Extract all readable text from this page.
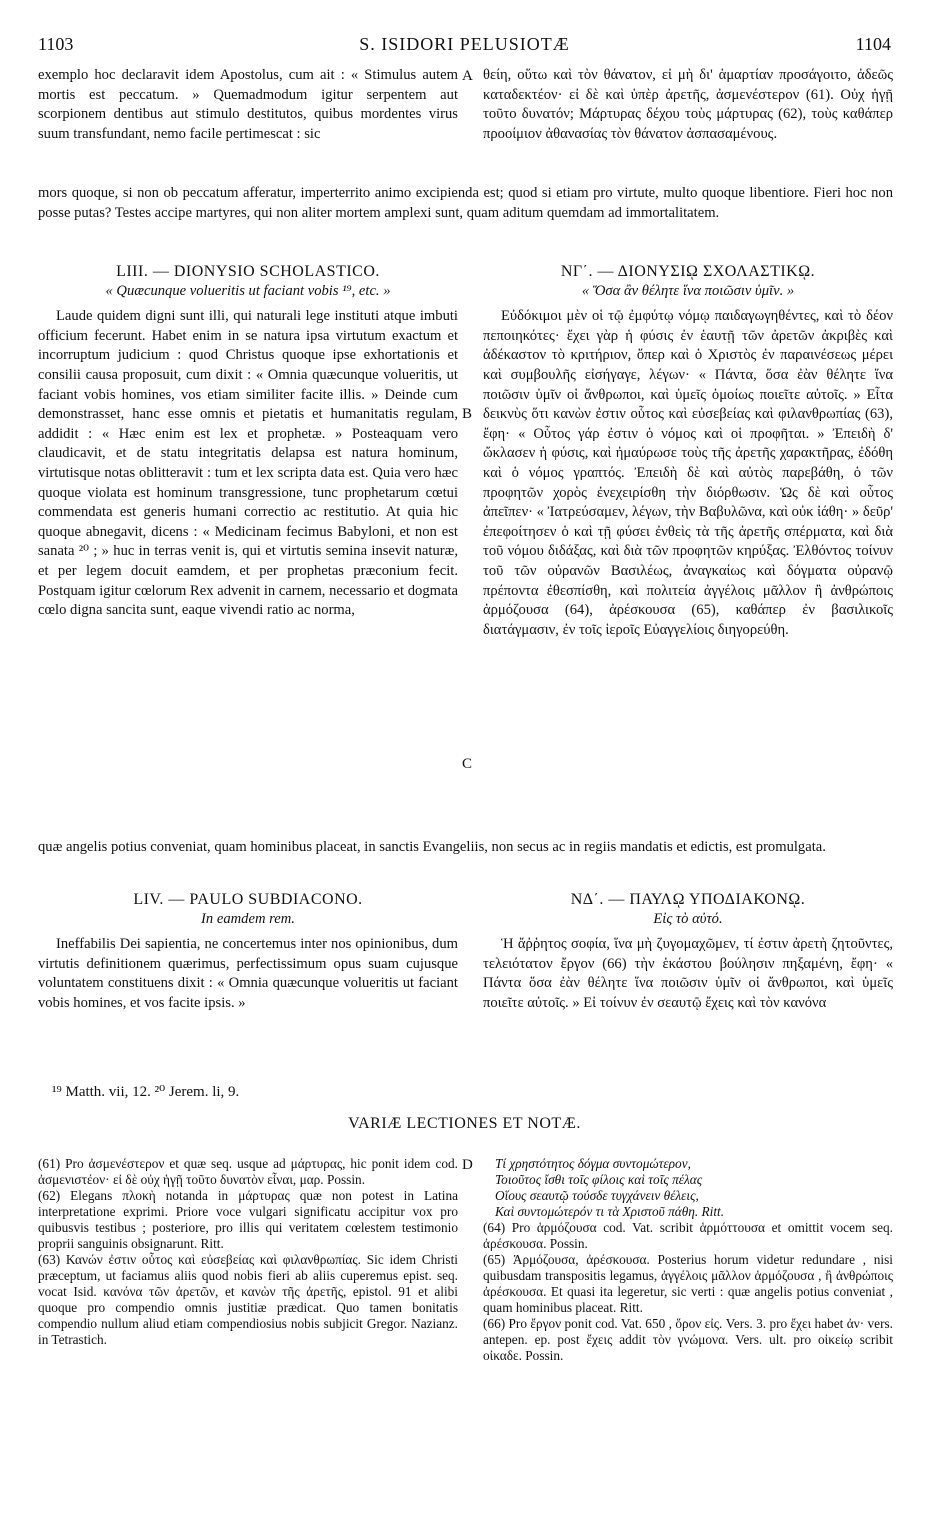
1103	S. ISIDORI PELUSIOTÆ	1104
A
B
C
D

exemplo hoc declaravit idem Apostolus, cum ait : « Stimulus autem mortis est peccatum. » Quemadmodum igitur serpentem aut scorpionem dentibus aut stimulo destitutos, quibus mordentes virus suum transfundant, nemo facile pertimescat : sic

θείη, οὕτω καὶ τὸν θάνατον, εἰ μὴ δι' ἁμαρτίαν προσάγοιτο, ἀδεῶς καταδεκτέον· εἰ δὲ καὶ ὑπὲρ ἀρετῆς, ἀσμενέστερον (61). Οὐχ ἡγῇ τοῦτο δυνατόν; Μάρτυρας δέχου τοὺς μάρτυρας (62), τοὺς καθάπερ προοίμιον ἀθανασίας τὸν θάνατον ἀσπασαμένους.

mors quoque, si non ob peccatum afferatur, imperterrito animo excipienda est; quod si etiam pro virtute, multo quoque libentiore. Fieri hoc non posse putas? Testes accipe martyres, qui non aliter mortem amplexi sunt, quam aditum quemdam ad immortalitatem.

LIII. — DIONYSIO SCHOLASTICO.
« Quæcunque volueritis ut faciant vobis ¹⁹, etc. »

Laude quidem digni sunt illi, qui naturali lege instituti atque imbuti officium fecerunt. Habet enim in se natura ipsa virtutum exactum et incorruptum judicium : quod Christus quoque ipse exhortationis et consilii causa proposuit, cum dixit : « Omnia quæcunque volueritis, ut faciant vobis homines, vos etiam similiter facite illis. » Deinde cum demonstrasset, hanc esse omnis et pietatis et humanitatis regulam, addidit : « Hæc enim est lex et prophetæ. » Posteaquam vero claudicavit, et de statu integritatis delapsa est natura hominum, virtutisque notas oblitteravit : tum et lex scripta data est. Quia vero hæc quoque violata est hominum transgressione, tunc prophetarum cœtui commendata est generis humani correctio ac restitutio. At quia hic quoque abnegavit, dicens : « Medicinam fecimus Babyloni, et non est sanata ²⁰ ; » huc in terras venit is, qui et virtutis semina insevit naturæ, et per legem docuit eamdem, et per prophetas præconium fecit. Postquam igitur cœlorum Rex advenit in carnem, necessario et dogmata cœlo digna sancita sunt, eaque vivendi ratio ac norma,

ΝΓ΄. — ΔΙΟΝΥΣΙῼ ΣΧΟΛΑΣΤΙΚῼ.
« Ὅσα ἂν θέλητε ἵνα ποιῶσιν ὑμῖν. »

Εὐδόκιμοι μὲν οἱ τῷ ἐμφύτῳ νόμῳ παιδαγωγηθέντες, καὶ τὸ δέον πεποιηκότες· ἔχει γὰρ ἡ φύσις ἐν ἑαυτῇ τῶν ἀρετῶν ἀκριβὲς καὶ ἀδέκαστον τὸ κριτήριον, ὅπερ καὶ ὁ Χριστὸς ἐν παραινέσεως μέρει καὶ συμβουλῆς εἰσήγαγε, λέγων· « Πάντα, ὅσα ἐὰν θέλητε ἵνα ποιῶσιν ὑμῖν οἱ ἄνθρωποι, καὶ ὑμεῖς ὁμοίως ποιεῖτε αὐτοῖς. » Εἶτα δεικνὺς ὅτι κανὼν ἐστιν οὗτος καὶ εὐσεβείας καὶ φιλανθρωπίας (63), ἔφη· « Οὗτος γάρ ἐστιν ὁ νόμος καὶ οἱ προφῆται. » Ἐπειδὴ δ' ὤκλασεν ἡ φύσις, καὶ ἠμαύρωσε τοὺς τῆς ἀρετῆς χαρακτῆρας, ἐδόθη καὶ ὁ νόμος γραπτός. Ἐπειδὴ δὲ καὶ αὐτὸς παρεβάθη, ὁ τῶν προφητῶν χορὸς ἐνεχειρίσθη τὴν διόρθωσιν. Ὡς δὲ καὶ οὗτος ἀπεῖπεν· « Ἰατρεύσαμεν, λέγων, τὴν Βαβυλῶνα, καὶ οὐκ ἰάθη· » δεῦρ' ἐπεφοίτησεν ὁ καὶ τῇ φύσει ἐνθεὶς τὰ τῆς ἀρετῆς σπέρματα, καὶ διὰ τοῦ νόμου διδάξας, καὶ διὰ τῶν προφητῶν κηρύξας. Ἐλθόντος τοίνυν τοῦ τῶν οὐρανῶν Βασιλέως, ἀναγκαίως καὶ δόγματα οὐρανῷ πρέποντα ἐθεσπίσθη, καὶ πολιτεία ἀγγέλοις μᾶλλον ἢ ἀνθρώποις ἁρμόζουσα (64), ἀρέσκουσα (65), καθάπερ ἐν βασιλικοῖς διατάγμασιν, ἐν τοῖς ἱεροῖς Εὐαγγελίοις διηγορεύθη.

quæ angelis potius conveniat, quam hominibus placeat, in sanctis Evangeliis, non secus ac in regiis mandatis et edictis, est promulgata.

LIV. — PAULO SUBDIACONO.
In eamdem rem.

Ineffabilis Dei sapientia, ne concertemus inter nos opinionibus, dum virtutis definitionem quærimus, perfectissimum opus suam cujusque voluntatem constituens dixit : « Omnia quæcunque volueritis ut faciant vobis homines, et vos facite ipsis. »

ΝΔ΄. — ΠΑΥΛῼ ΥΠΟΔΙΑΚΟΝῼ.
Εἰς τὸ αὐτό.

Ἡ ἄῤῥητος σοφία, ἵνα μὴ ζυγομαχῶμεν, τί ἐστιν ἀρετὴ ζητοῦντες, τελειότατον ἔργον (66) τὴν ἑκάστου βούλησιν πηξαμένη, ἔφη· « Πάντα ὅσα ἐὰν θέλητε ἵνα ποιῶσιν ὑμῖν οἱ ἄνθρωποι, καὶ ὑμεῖς ποιεῖτε αὐτοῖς. » Εἰ τοίνυν ἐν σεαυτῷ ἔχεις καὶ τὸν κανόνα

¹⁹ Matth. vii, 12. ²⁰ Jerem. li, 9.
VARIÆ LECTIONES ET NOTÆ.

(61) Pro ἀσμενέστερον et quæ seq. usque ad μάρτυρας, hic ponit idem cod. ἀσμενιστέον· εἰ δὲ οὐχ ἡγῇ τοῦτο δυνατὸν εἶναι, μαρ. Possin.

(62) Elegans πλοκὴ notanda in μάρτυρας quæ non potest in Latina interpretatione exprimi. Priore voce vulgari significatu accipitur vox pro quibusvis testibus ; posteriore, pro illis qui veritatem cœlestem testimonio proprii sanguinis obsignarunt. Ritt.

(63) Κανών ἐστιν οὗτος καὶ εὐσεβείας καὶ φιλανθρωπίας. Sic idem Christi præceptum, ut faciamus aliis quod nobis fieri ab aliis cuperemus epist. seq. vocat Isid. κανόνα τῶν ἀρετῶν, et κανὼν τῆς ἀρετῆς, epistol. 91 et alibi quoque pro compendio omnis justitiæ prædicat. Quo tamen bonitatis compendio nullum aliud etiam compendiosius nobis subjicit Gregor. Nazianz. in Tetrastich.

Τί χρηστότητος δόγμα συντομώτερον,

Τοιοῦτος ἴσθι τοῖς φίλοις καὶ τοῖς πέλας

Οἵους σεαυτῷ τούσδε τυγχάνειν θέλεις,

Καὶ συντομώτερόν τι τὰ Χριστοῦ πάθη. Ritt.

(64) Pro ἁρμόζουσα cod. Vat. scribit ἁρμόττουσα et omittit vocem seq. ἀρέσκουσα. Possin.

(65) Ἁρμόζουσα, ἀρέσκουσα. Posterius horum videtur redundare , nisi quibusdam transpositis legamus, ἀγγέλοις μᾶλλον ἁρμόζουσα , ἢ ἀνθρώποις ἀρέσκουσα. Et quasi ita legeretur, sic verti : quæ angelis potius conveniat , quam hominibus placeat. Ritt.

(66) Pro ἔργον ponit cod. Vat. 650 , ὅρον εἰς. Vers. 3. pro ἔχει habet ἀν· vers. antepen. ep. post ἔχεις addit τὸν γνώμονα. Vers. ult. pro οἰκείῳ scribit οἰκαδε. Possin.
